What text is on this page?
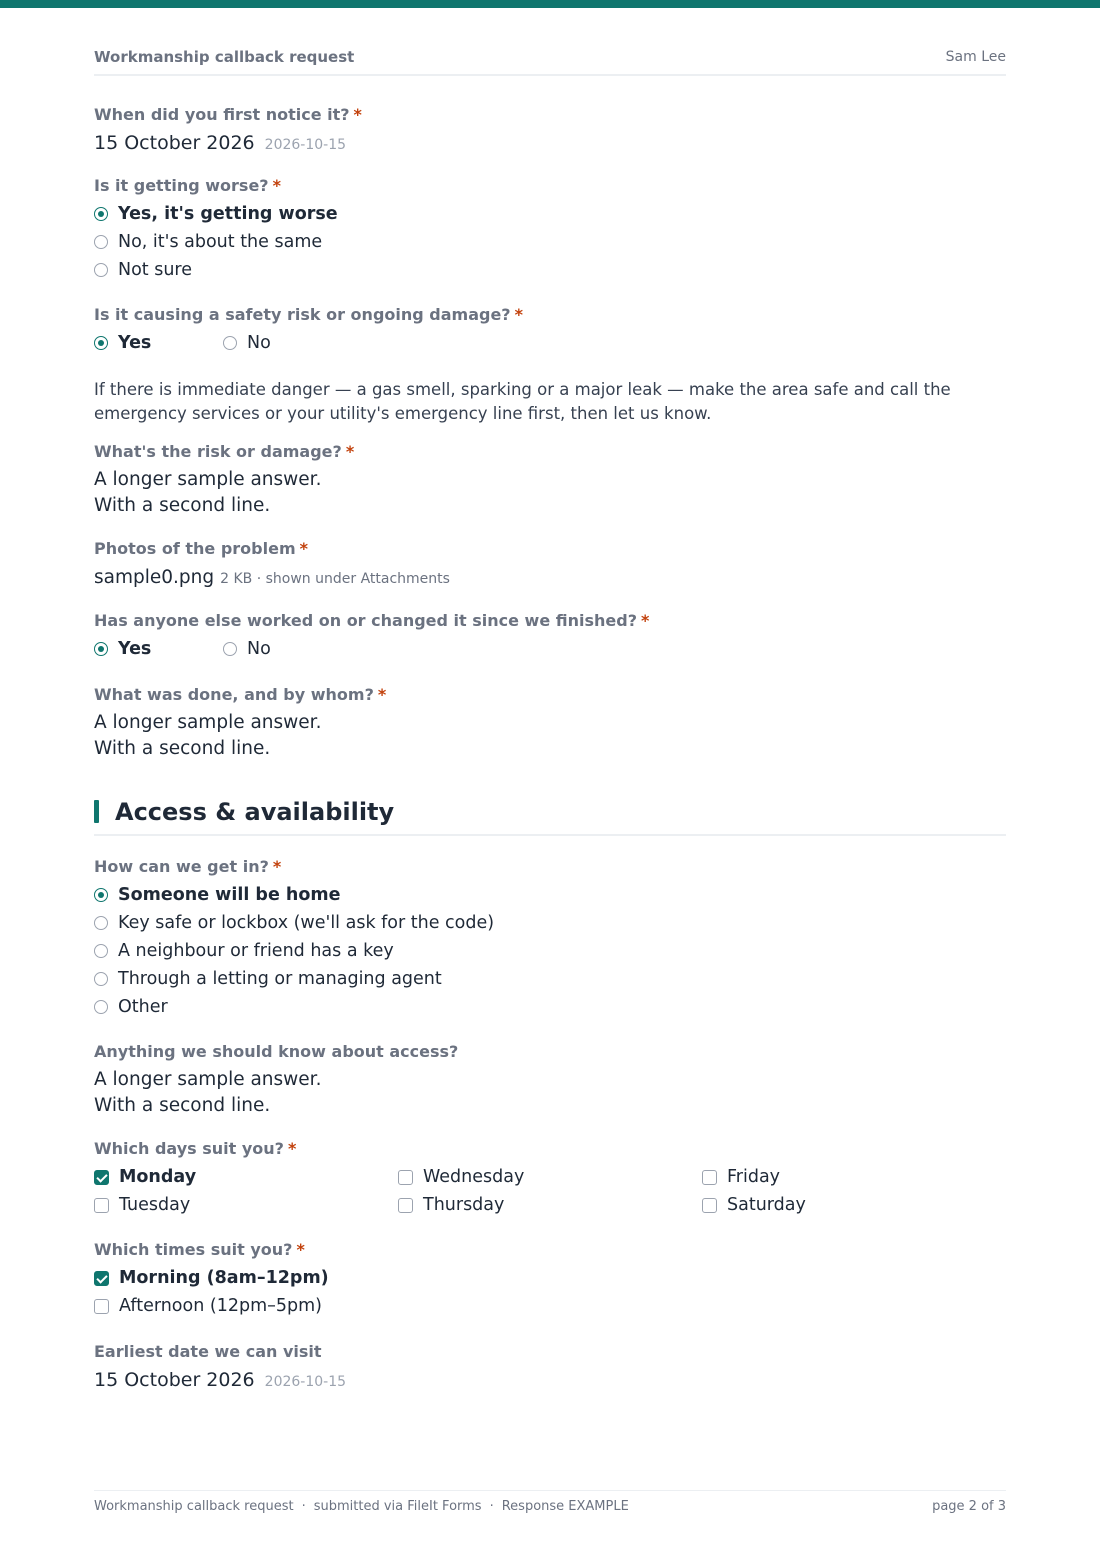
Workmanship callback request	Sam Lee
When did you first notice it? *
15 October 2026 2026-10-15
Is it getting worse? *
Yes, it's getting worse
No, it's about the same
Not sure
Is it causing a safety risk or ongoing damage? *
Yes	No
If there is immediate danger — a gas smell, sparking or a major leak — make the area safe and call the emergency services or your utility's emergency line first, then let us know.
What's the risk or damage? *
A longer sample answer.
With a second line.
Photos of the problem *
sample0.png 2 KB · shown under Attachments
Has anyone else worked on or changed it since we finished? *
Yes	No
What was done, and by whom? *
A longer sample answer.
With a second line.
Access & availability
How can we get in? *
Someone will be home
Key safe or lockbox (we'll ask for the code)
A neighbour or friend has a key
Through a letting or managing agent
Other
Anything we should know about access?
A longer sample answer.
With a second line.
Which days suit you? *
Monday	Wednesday	Friday
Tuesday	Thursday	Saturday
Which times suit you? *
Morning (8am–12pm)
Afternoon (12pm–5pm)
Earliest date we can visit
15 October 2026 2026-10-15
Workmanship callback request · submitted via FileIt Forms · Response EXAMPLE	page 2 of 3
